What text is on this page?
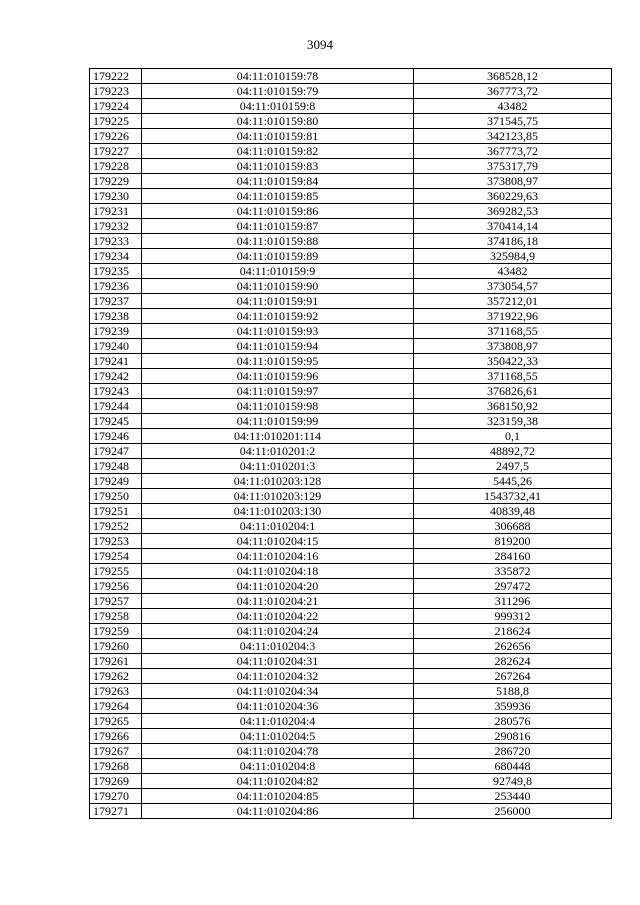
3094
179222	04:11:010159:78	368528,12
179223	04:11:010159:79	367773,72
179224	04:11:010159:8	43482
179225	04:11:010159:80	371545,75
179226	04:11:010159:81	342123,85
179227	04:11:010159:82	367773,72
179228	04:11:010159:83	375317,79
179229	04:11:010159:84	373808,97
179230	04:11:010159:85	360229,63
179231	04:11:010159:86	369282,53
179232	04:11:010159:87	370414,14
179233	04:11:010159:88	374186,18
179234	04:11:010159:89	325984,9
179235	04:11:010159:9	43482
179236	04:11:010159:90	373054,57
179237	04:11:010159:91	357212,01
179238	04:11:010159:92	371922,96
179239	04:11:010159:93	371168,55
179240	04:11:010159:94	373808,97
179241	04:11:010159:95	350422,33
179242	04:11:010159:96	371168,55
179243	04:11:010159:97	376826,61
179244	04:11:010159:98	368150,92
179245	04:11:010159:99	323159,38
179246	04:11:010201:114	0,1
179247	04:11:010201:2	48892,72
179248	04:11:010201:3	2497,5
179249	04:11:010203:128	5445,26
179250	04:11:010203:129	1543732,41
179251	04:11:010203:130	40839,48
179252	04:11:010204:1	306688
179253	04:11:010204:15	819200
179254	04:11:010204:16	284160
179255	04:11:010204:18	335872
179256	04:11:010204:20	297472
179257	04:11:010204:21	311296
179258	04:11:010204:22	999312
179259	04:11:010204:24	218624
179260	04:11:010204:3	262656
179261	04:11:010204:31	282624
179262	04:11:010204:32	267264
179263	04:11:010204:34	5188,8
179264	04:11:010204:36	359936
179265	04:11:010204:4	280576
179266	04:11:010204:5	290816
179267	04:11:010204:78	286720
179268	04:11:010204:8	680448
179269	04:11:010204:82	92749,8
179270	04:11:010204:85	253440
179271	04:11:010204:86	256000
